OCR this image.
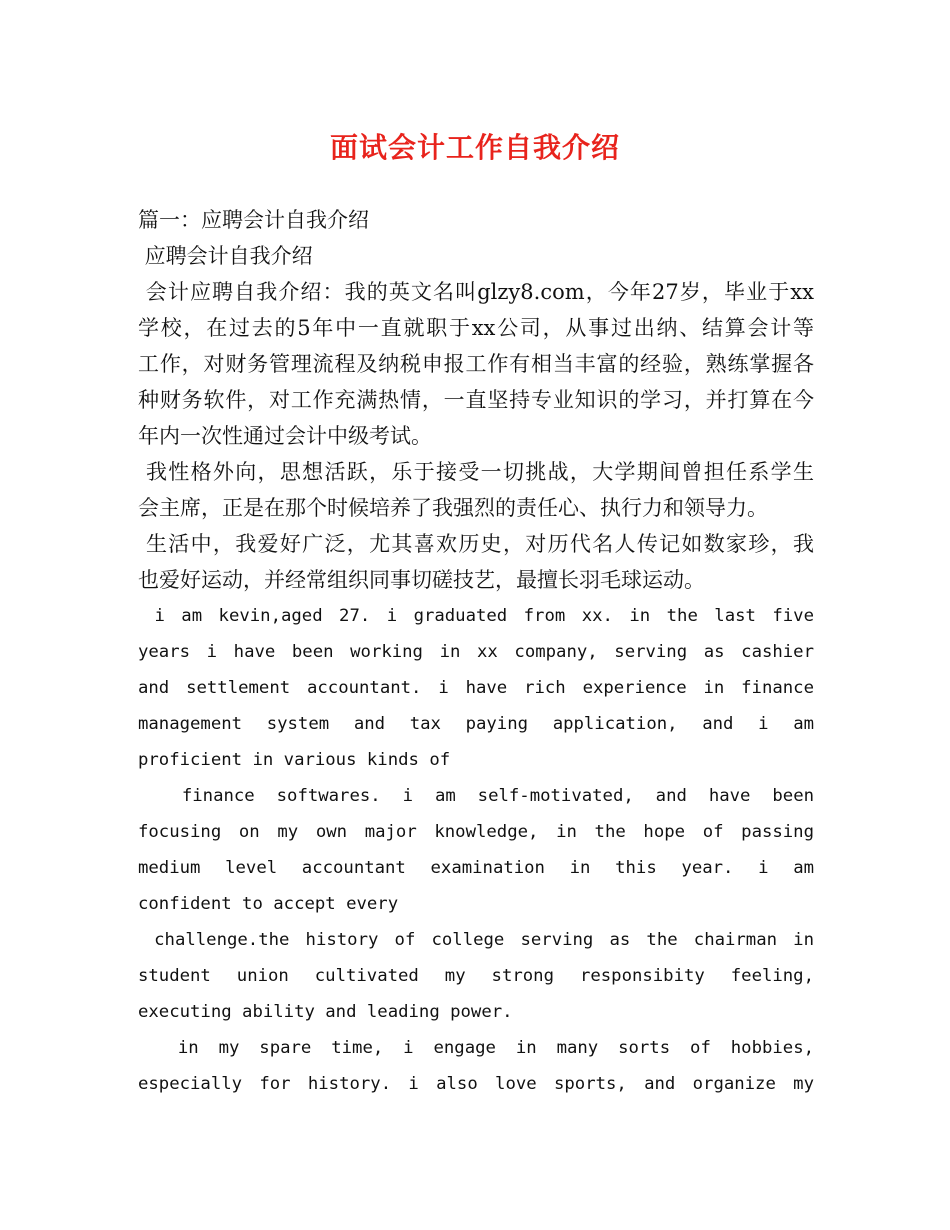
面试会计工作自我介绍
篇一：应聘会计自我介绍
应聘会计自我介绍
会计应聘自我介绍：我的英文名叫glzy8.com，今年27岁，毕业于xx
学校，在过去的5年中一直就职于xx公司，从事过出纳、结算会计等
工作，对财务管理流程及纳税申报工作有相当丰富的经验，熟练掌握各
种财务软件，对工作充满热情，一直坚持专业知识的学习，并打算在今
年内一次性通过会计中级考试。
我性格外向，思想活跃，乐于接受一切挑战，大学期间曾担任系学生
会主席，正是在那个时候培养了我强烈的责任心、执行力和领导力。
生活中，我爱好广泛，尤其喜欢历史，对历代名人传记如数家珍，我
也爱好运动，并经常组织同事切磋技艺，最擅长羽毛球运动。
i am kevin,aged 27. i graduated from xx. in the last five
years i have been working in xx company, serving as cashier
and settlement accountant. i have rich experience in finance
management system and tax paying application, and i am
proficient in various kinds of
finance softwares. i am self-motivated, and have been
focusing on my own major knowledge, in the hope of passing
medium level accountant examination in this year. i am
confident to accept every
challenge.the history of college serving as the chairman in
student union cultivated my strong responsibity feeling,
executing ability and leading power.
in my spare time, i engage in many sorts of hobbies,
especially for history. i also love sports, and organize my
